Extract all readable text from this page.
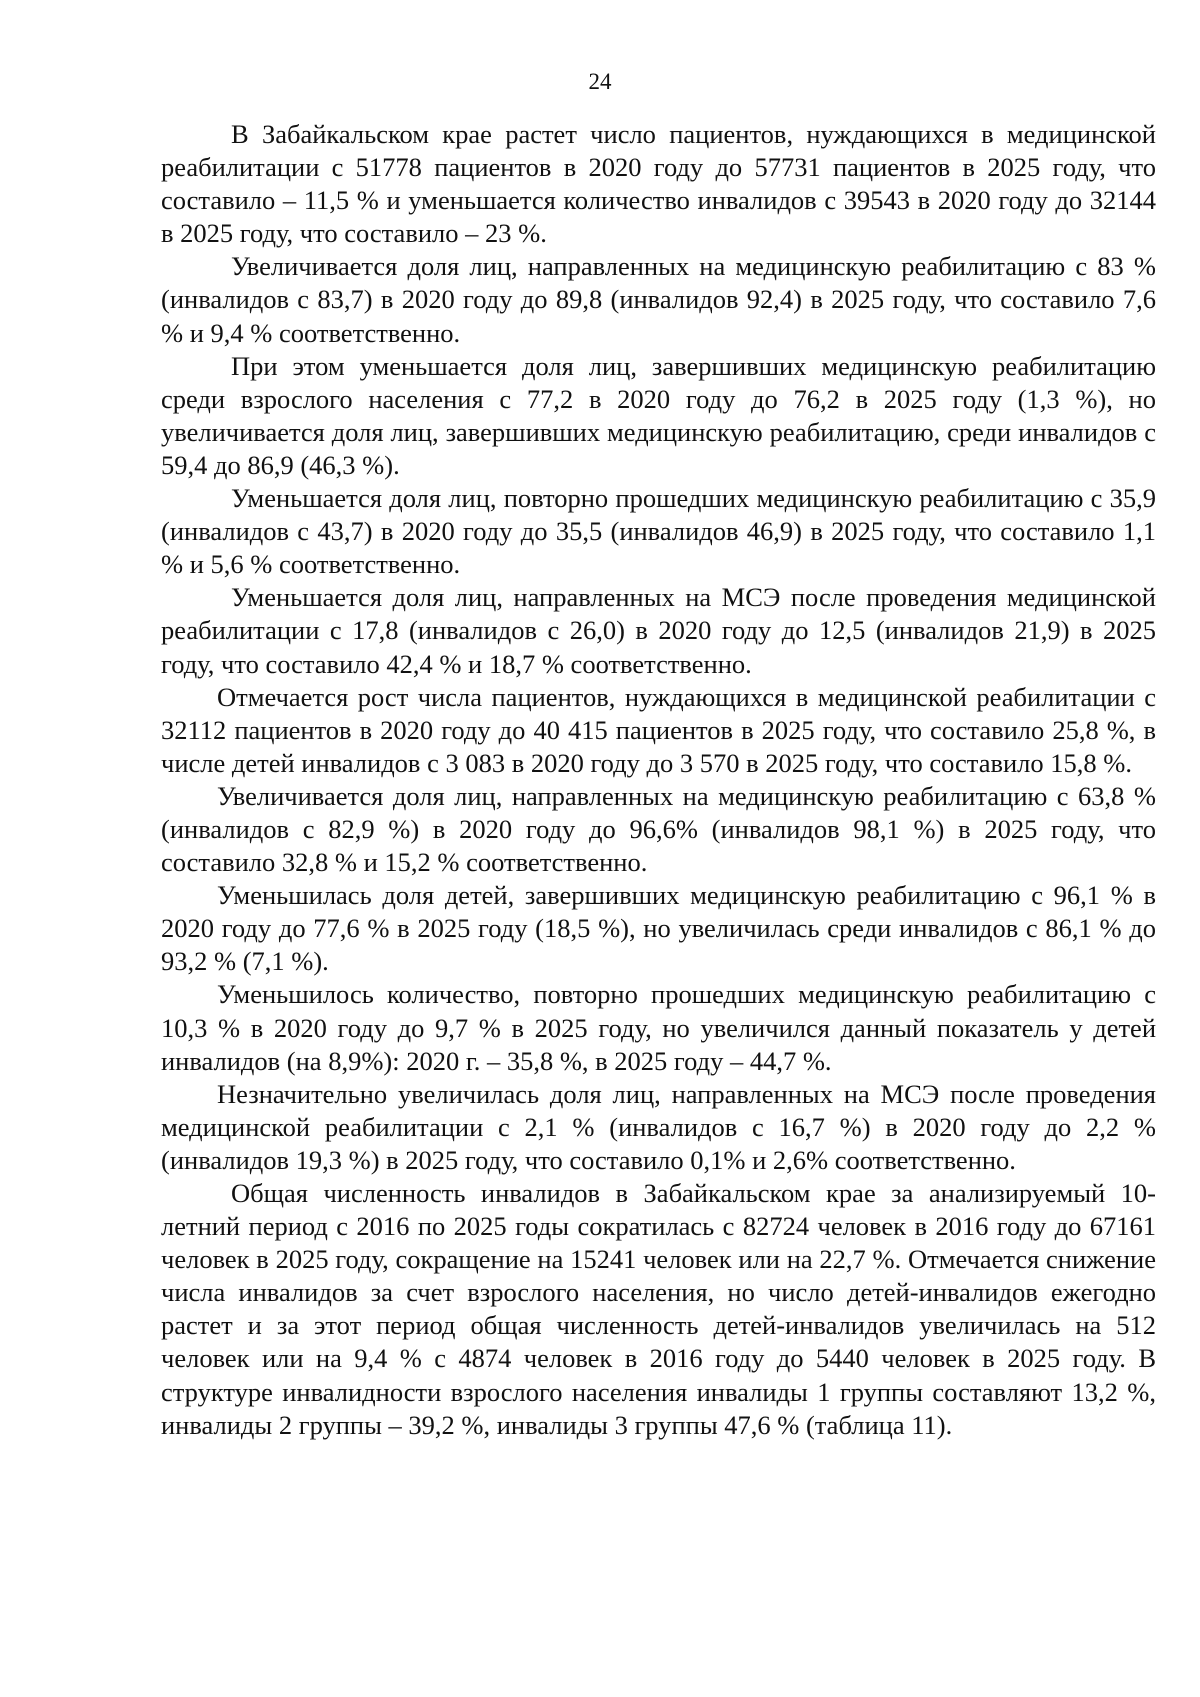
24

В Забайкальском крае растет число пациентов, нуждающихся в медицинской реабилитации с 51778 пациентов в 2020 году до 57731 пациентов в 2025 году, что составило – 11,5 % и уменьшается количество инвалидов с 39543 в 2020 году до 32144 в 2025 году, что составило – 23 %.

Увеличивается доля лиц, направленных на медицинскую реабилитацию с 83 % (инвалидов с 83,7) в 2020 году до 89,8 (инвалидов 92,4) в 2025 году, что составило 7,6 % и 9,4 % соответственно.

При этом уменьшается доля лиц, завершивших медицинскую реабилитацию среди взрослого населения с 77,2 в 2020 году до 76,2 в 2025 году (1,3 %), но увеличивается доля лиц, завершивших медицинскую реабилитацию, среди инвалидов с 59,4 до 86,9 (46,3 %).

Уменьшается доля лиц, повторно прошедших медицинскую реабилитацию с 35,9 (инвалидов с 43,7) в 2020 году до 35,5 (инвалидов 46,9) в 2025 году, что составило 1,1 % и 5,6 % соответственно.

Уменьшается доля лиц, направленных на МСЭ после проведения медицинской реабилитации с 17,8 (инвалидов с 26,0) в 2020 году до 12,5 (инвалидов 21,9) в 2025 году, что составило 42,4 % и 18,7 % соответственно.

Отмечается рост числа пациентов, нуждающихся в медицинской реабилитации с 32112 пациентов в 2020 году до 40 415 пациентов в 2025 году, что составило 25,8 %, в числе детей инвалидов с 3 083 в 2020 году до 3 570 в 2025 году, что составило 15,8 %.

Увеличивается доля лиц, направленных на медицинскую реабилитацию с 63,8 % (инвалидов с 82,9 %) в 2020 году до 96,6% (инвалидов 98,1 %) в 2025 году, что составило 32,8 % и 15,2 % соответственно.

Уменьшилась доля детей, завершивших медицинскую реабилитацию с 96,1 % в 2020 году до 77,6 % в 2025 году (18,5 %), но увеличилась среди инвалидов с 86,1 % до 93,2 % (7,1 %).

Уменьшилось количество, повторно прошедших медицинскую реабилитацию с 10,3 % в 2020 году до 9,7 % в 2025 году, но увеличился данный показатель у детей инвалидов (на 8,9%): 2020 г. – 35,8 %, в 2025 году – 44,7 %.

Незначительно увеличилась доля лиц, направленных на МСЭ после проведения медицинской реабилитации с 2,1 % (инвалидов с 16,7 %) в 2020 году до 2,2 % (инвалидов 19,3 %) в 2025 году, что составило 0,1% и 2,6% соответственно.

Общая численность инвалидов в Забайкальском крае за анализируемый 10-летний период с 2016 по 2025 годы сократилась с 82724 человек в 2016 году до 67161 человек в 2025 году, сокращение на 15241 человек или на 22,7 %. Отмечается снижение числа инвалидов за счет взрослого населения, но число детей-инвалидов ежегодно растет и за этот период общая численность детей-инвалидов увеличилась на 512 человек или на 9,4 % с 4874 человек в 2016 году до 5440 человек в 2025 году. В структуре инвалидности взрослого населения инвалиды 1 группы составляют 13,2 %, инвалиды 2 группы – 39,2 %, инвалиды 3 группы 47,6 % (таблица 11).
